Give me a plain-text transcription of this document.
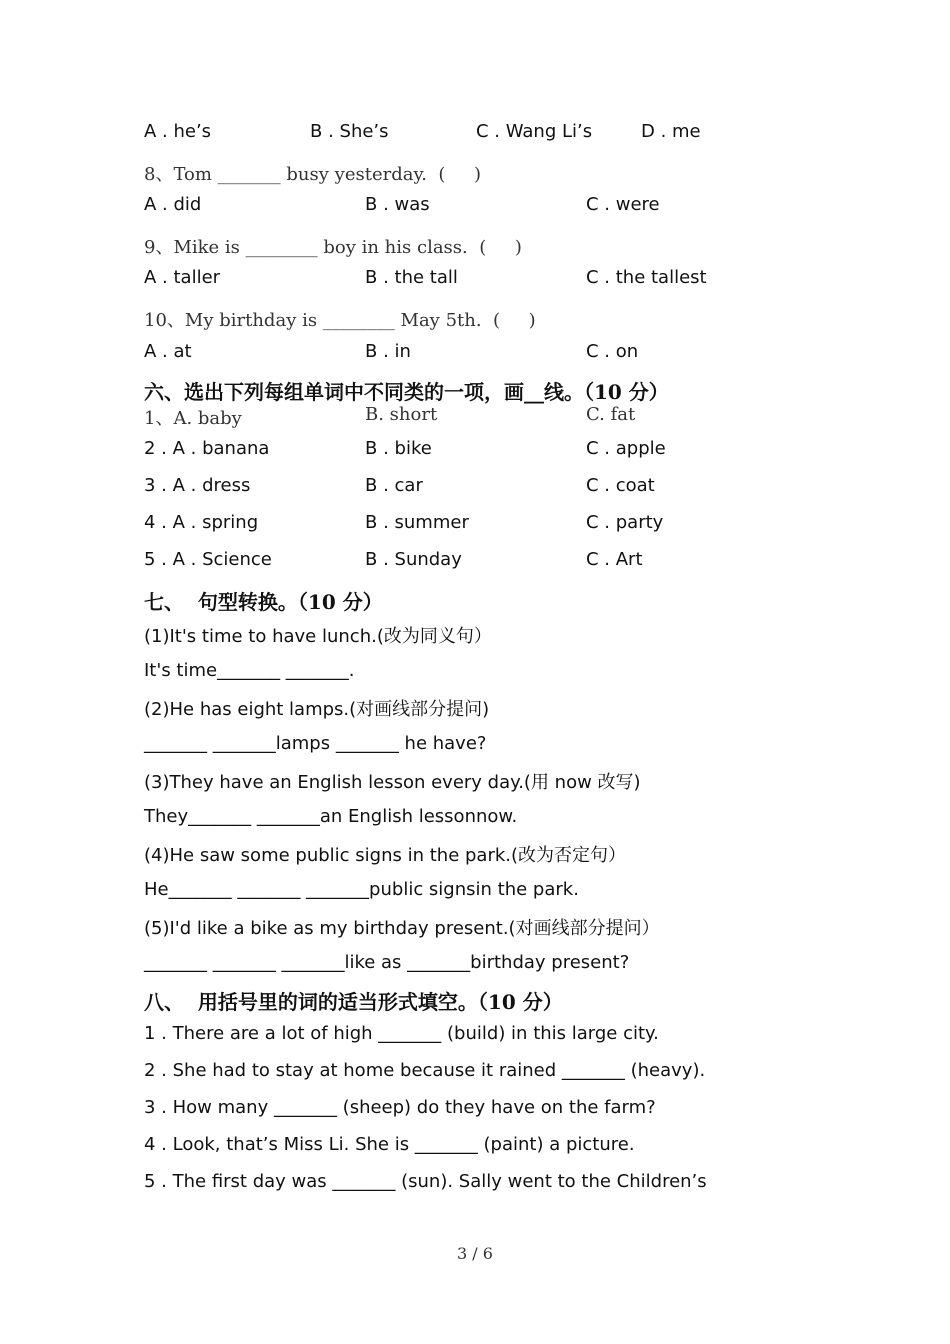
A . he’s	B . She’s	C . Wang Li’s	D . me
8、Tom _______ busy yesterday.  (     )
A . did	B . was	C . were
9、Mike is ________ boy in his class.  (     )
A . taller	B . the tall	C . the tallest
10、My birthday is ________ May 5th.  (     )
A . at	B . in	C . on
六、选出下列每组单词中不同类的一项，画__线。（10 分）
1、A. baby	B. short	C. fat
2 . A . banana	B . bike	C . apple
3 . A . dress	B . car	C . coat
4 . A . spring	B . summer	C . party
5 . A . Science	B . Sunday	C . Art
七、  句型转换。（10 分）
(1)It's time to have lunch.(改为同义句）
It's time_______ _______.
(2)He has eight lamps.(对画线部分提问)
_______ _______lamps _______ he have?
(3)They have an English lesson every day.(用 now 改写)
They_______ _______an English lessonnow.
(4)He saw some public signs in the park.(改为否定句）
He_______ _______ _______public signsin the park.
(5)I'd like a bike as my birthday present.(对画线部分提问）
_______ _______ _______like as _______birthday present?
八、  用括号里的词的适当形式填空。（10 分）
1 . There are a lot of high _______ (build) in this large city.
2 . She had to stay at home because it rained _______ (heavy).
3 . How many _______ (sheep) do they have on the farm?
4 . Look, that’s Miss Li. She is _______ (paint) a picture.
5 . The first day was _______ (sun). Sally went to the Children’s
3 / 6
